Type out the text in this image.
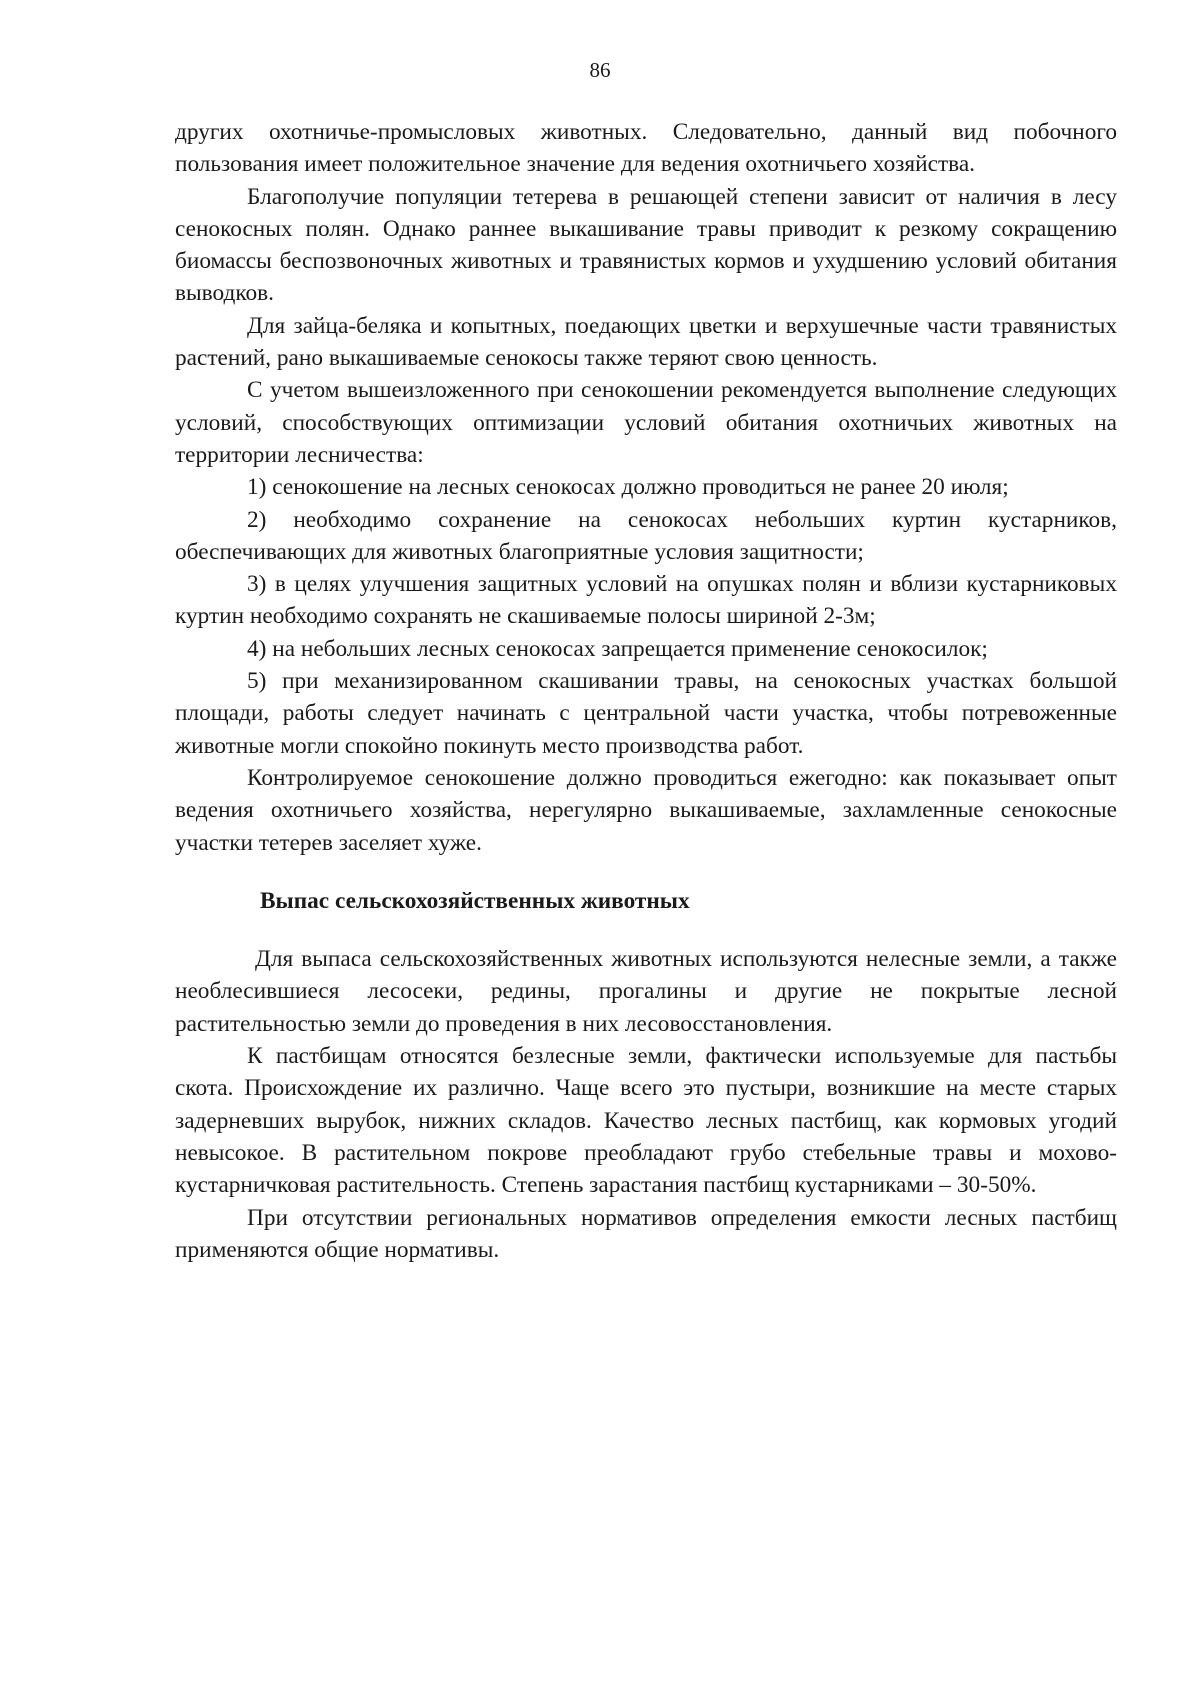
86

других охотничье-промысловых животных. Следовательно, данный вид побочного пользования имеет положительное значение для ведения охотничьего хозяйства.

Благополучие популяции тетерева в решающей степени зависит от наличия в лесу сенокосных полян. Однако раннее выкашивание травы приводит к резкому сокращению биомассы беспозвоночных животных и травянистых кормов и ухудшению условий обитания выводков.

Для зайца-беляка и копытных, поедающих цветки и верхушечные части травянистых растений, рано выкашиваемые сенокосы также теряют свою ценность.

С учетом вышеизложенного при сенокошении рекомендуется выполнение следующих условий, способствующих оптимизации условий обитания охотничьих животных на территории лесничества:

1) сенокошение на лесных сенокосах должно проводиться не ранее 20 июля;

2) необходимо сохранение на сенокосах небольших куртин кустарников, обеспечивающих для животных благоприятные условия защитности;

3) в целях улучшения защитных условий на опушках полян и вблизи кустарниковых куртин необходимо сохранять не скашиваемые полосы шириной 2-3м;

4) на небольших лесных сенокосах запрещается применение сенокосилок;

5) при механизированном скашивании травы, на сенокосных участках большой площади, работы следует начинать с центральной части участка, чтобы потревоженные животные могли спокойно покинуть место производства работ.

Контролируемое сенокошение должно проводиться ежегодно: как показывает опыт ведения охотничьего хозяйства, нерегулярно выкашиваемые, захламленные сенокосные участки тетерев заселяет хуже.

Выпас сельскохозяйственных животных

Для выпаса сельскохозяйственных животных используются нелесные земли, а также необлесившиеся лесосеки, редины, прогалины и другие не покрытые лесной растительностью земли до проведения в них лесовосстановления.

К пастбищам относятся безлесные земли, фактически используемые для пастьбы скота. Происхождение их различно. Чаще всего это пустыри, возникшие на месте старых задерневших вырубок, нижних складов. Качество лесных пастбищ, как кормовых угодий невысокое. В растительном покрове преобладают грубо стебельные травы и мохово-кустарничковая растительность. Степень зарастания пастбищ кустарниками – 30-50%.

При отсутствии региональных нормативов определения емкости лесных пастбищ применяются общие нормативы.
